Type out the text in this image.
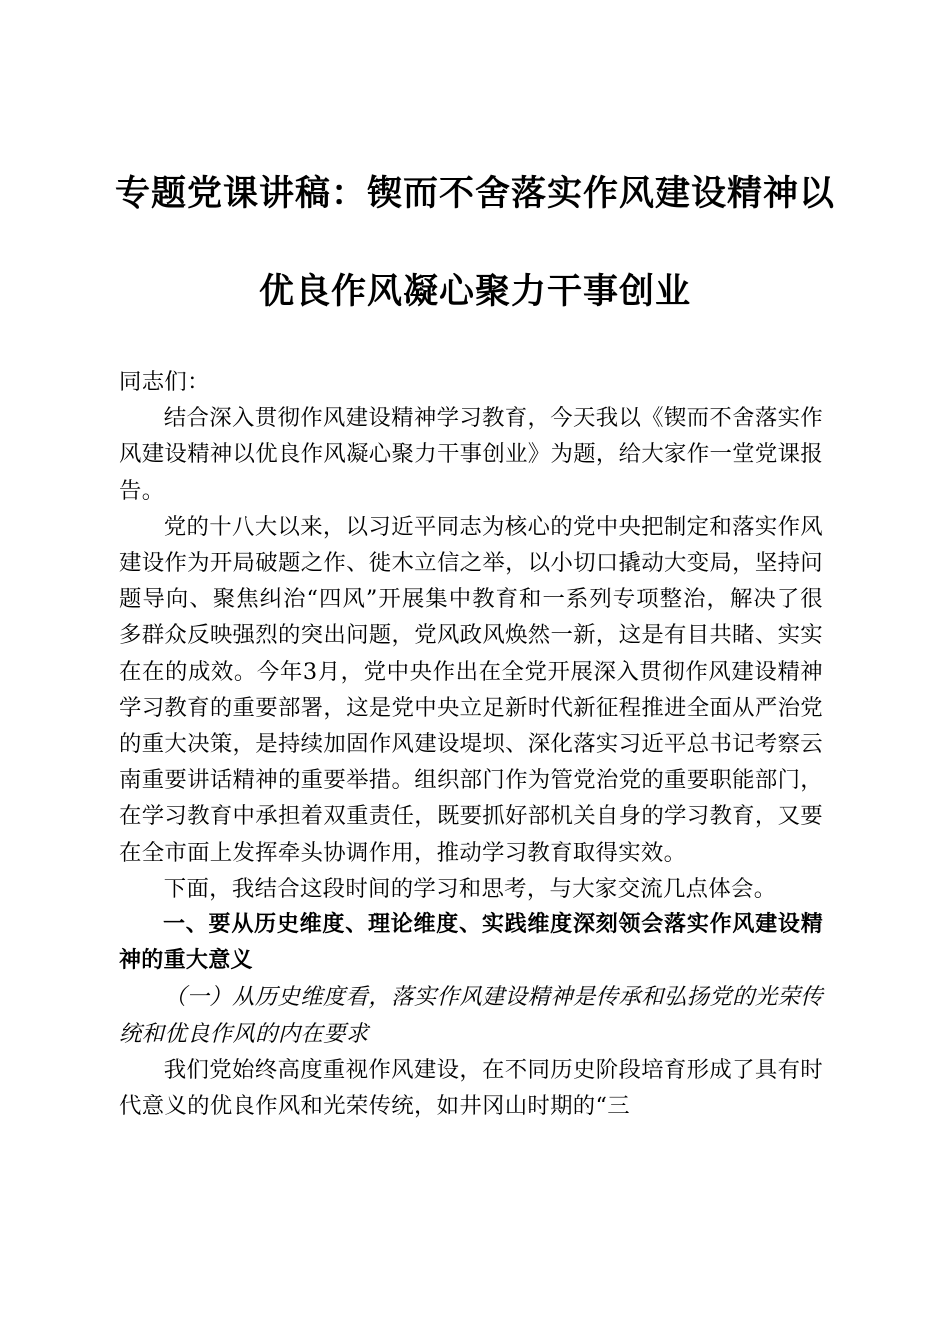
专题党课讲稿：锲而不舍落实作风建设精神以
优良作风凝心聚力干事创业

同志们：

结合深入贯彻作风建设精神学习教育，今天我以《锲而不舍落实作风建设精神以优良作风凝心聚力干事创业》为题，给大家作一堂党课报告。

党的十八大以来，以习近平同志为核心的党中央把制定和落实作风建设作为开局破题之作、徙木立信之举，以小切口撬动大变局，坚持问题导向、聚焦纠治“四风”开展集中教育和一系列专项整治，解决了很多群众反映强烈的突出问题，党风政风焕然一新，这是有目共睹、实实在在的成效。今年3月，党中央作出在全党开展深入贯彻作风建设精神学习教育的重要部署，这是党中央立足新时代新征程推进全面从严治党的重大决策，是持续加固作风建设堤坝、深化落实习近平总书记考察云南重要讲话精神的重要举措。组织部门作为管党治党的重要职能部门，在学习教育中承担着双重责任，既要抓好部机关自身的学习教育，又要在全市面上发挥牵头协调作用，推动学习教育取得实效。

下面，我结合这段时间的学习和思考，与大家交流几点体会。

一、要从历史维度、理论维度、实践维度深刻领会落实作风建设精神的重大意义

（一）从历史维度看，落实作风建设精神是传承和弘扬党的光荣传统和优良作风的内在要求

我们党始终高度重视作风建设，在不同历史阶段培育形成了具有时代意义的优良作风和光荣传统，如井冈山时期的“三
